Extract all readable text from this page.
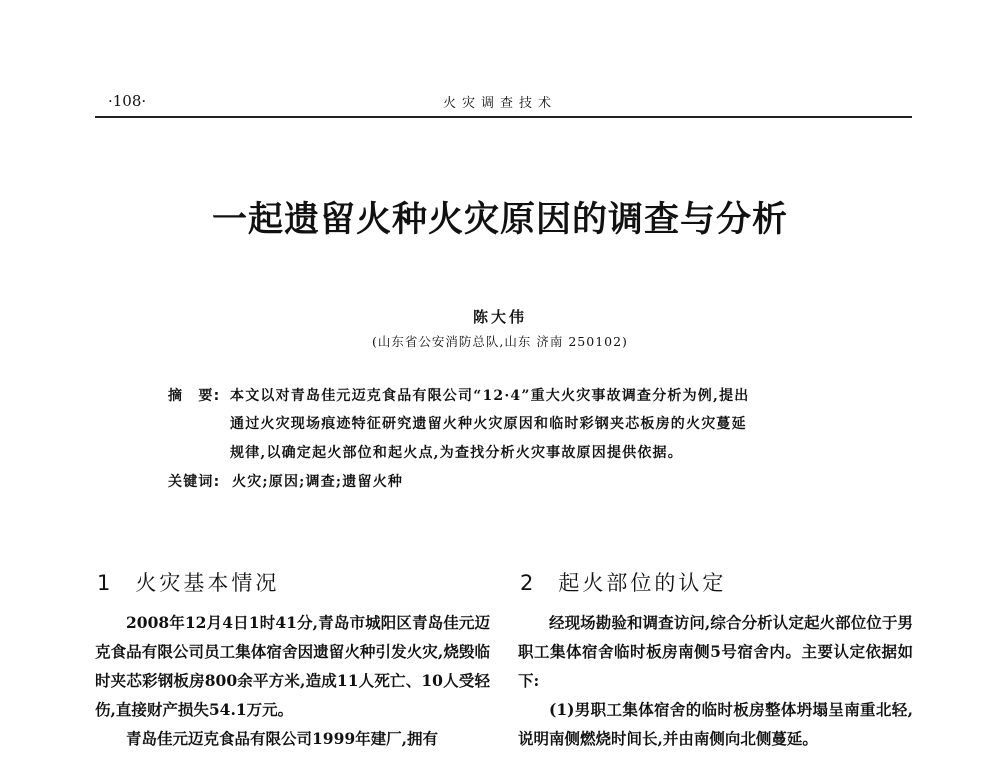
·108·	火灾调查技术
一起遗留火种火灾原因的调查与分析
陈大伟
(山东省公安消防总队,山东 济南 250102)
摘　要: 本文以对青岛佳元迈克食品有限公司“12·4”重大火灾事故调查分析为例,提出
通过火灾现场痕迹特征研究遗留火种火灾原因和临时彩钢夹芯板房的火灾蔓延
规律,以确定起火部位和起火点,为查找分析火灾事故原因提供依据。
关键词: 火灾;原因;调查;遗留火种
1 火灾基本情况	2 起火部位的认定

2008年12月4日1时41分,青岛市城阳区青岛佳元迈克食品有限公司员工集体宿舍因遗留火种引发火灾,烧毁临时夹芯彩钢板房800余平方米,造成11人死亡、10人受轻伤,直接财产损失54.1万元。

青岛佳元迈克食品有限公司1999年建厂,拥有

经现场勘验和调查访问,综合分析认定起火部位位于男职工集体宿舍临时板房南侧5号宿舍内。主要认定依据如下:

(1)男职工集体宿舍的临时板房整体坍塌呈南重北轻,说明南侧燃烧时间长,并由南侧向北侧蔓延。
